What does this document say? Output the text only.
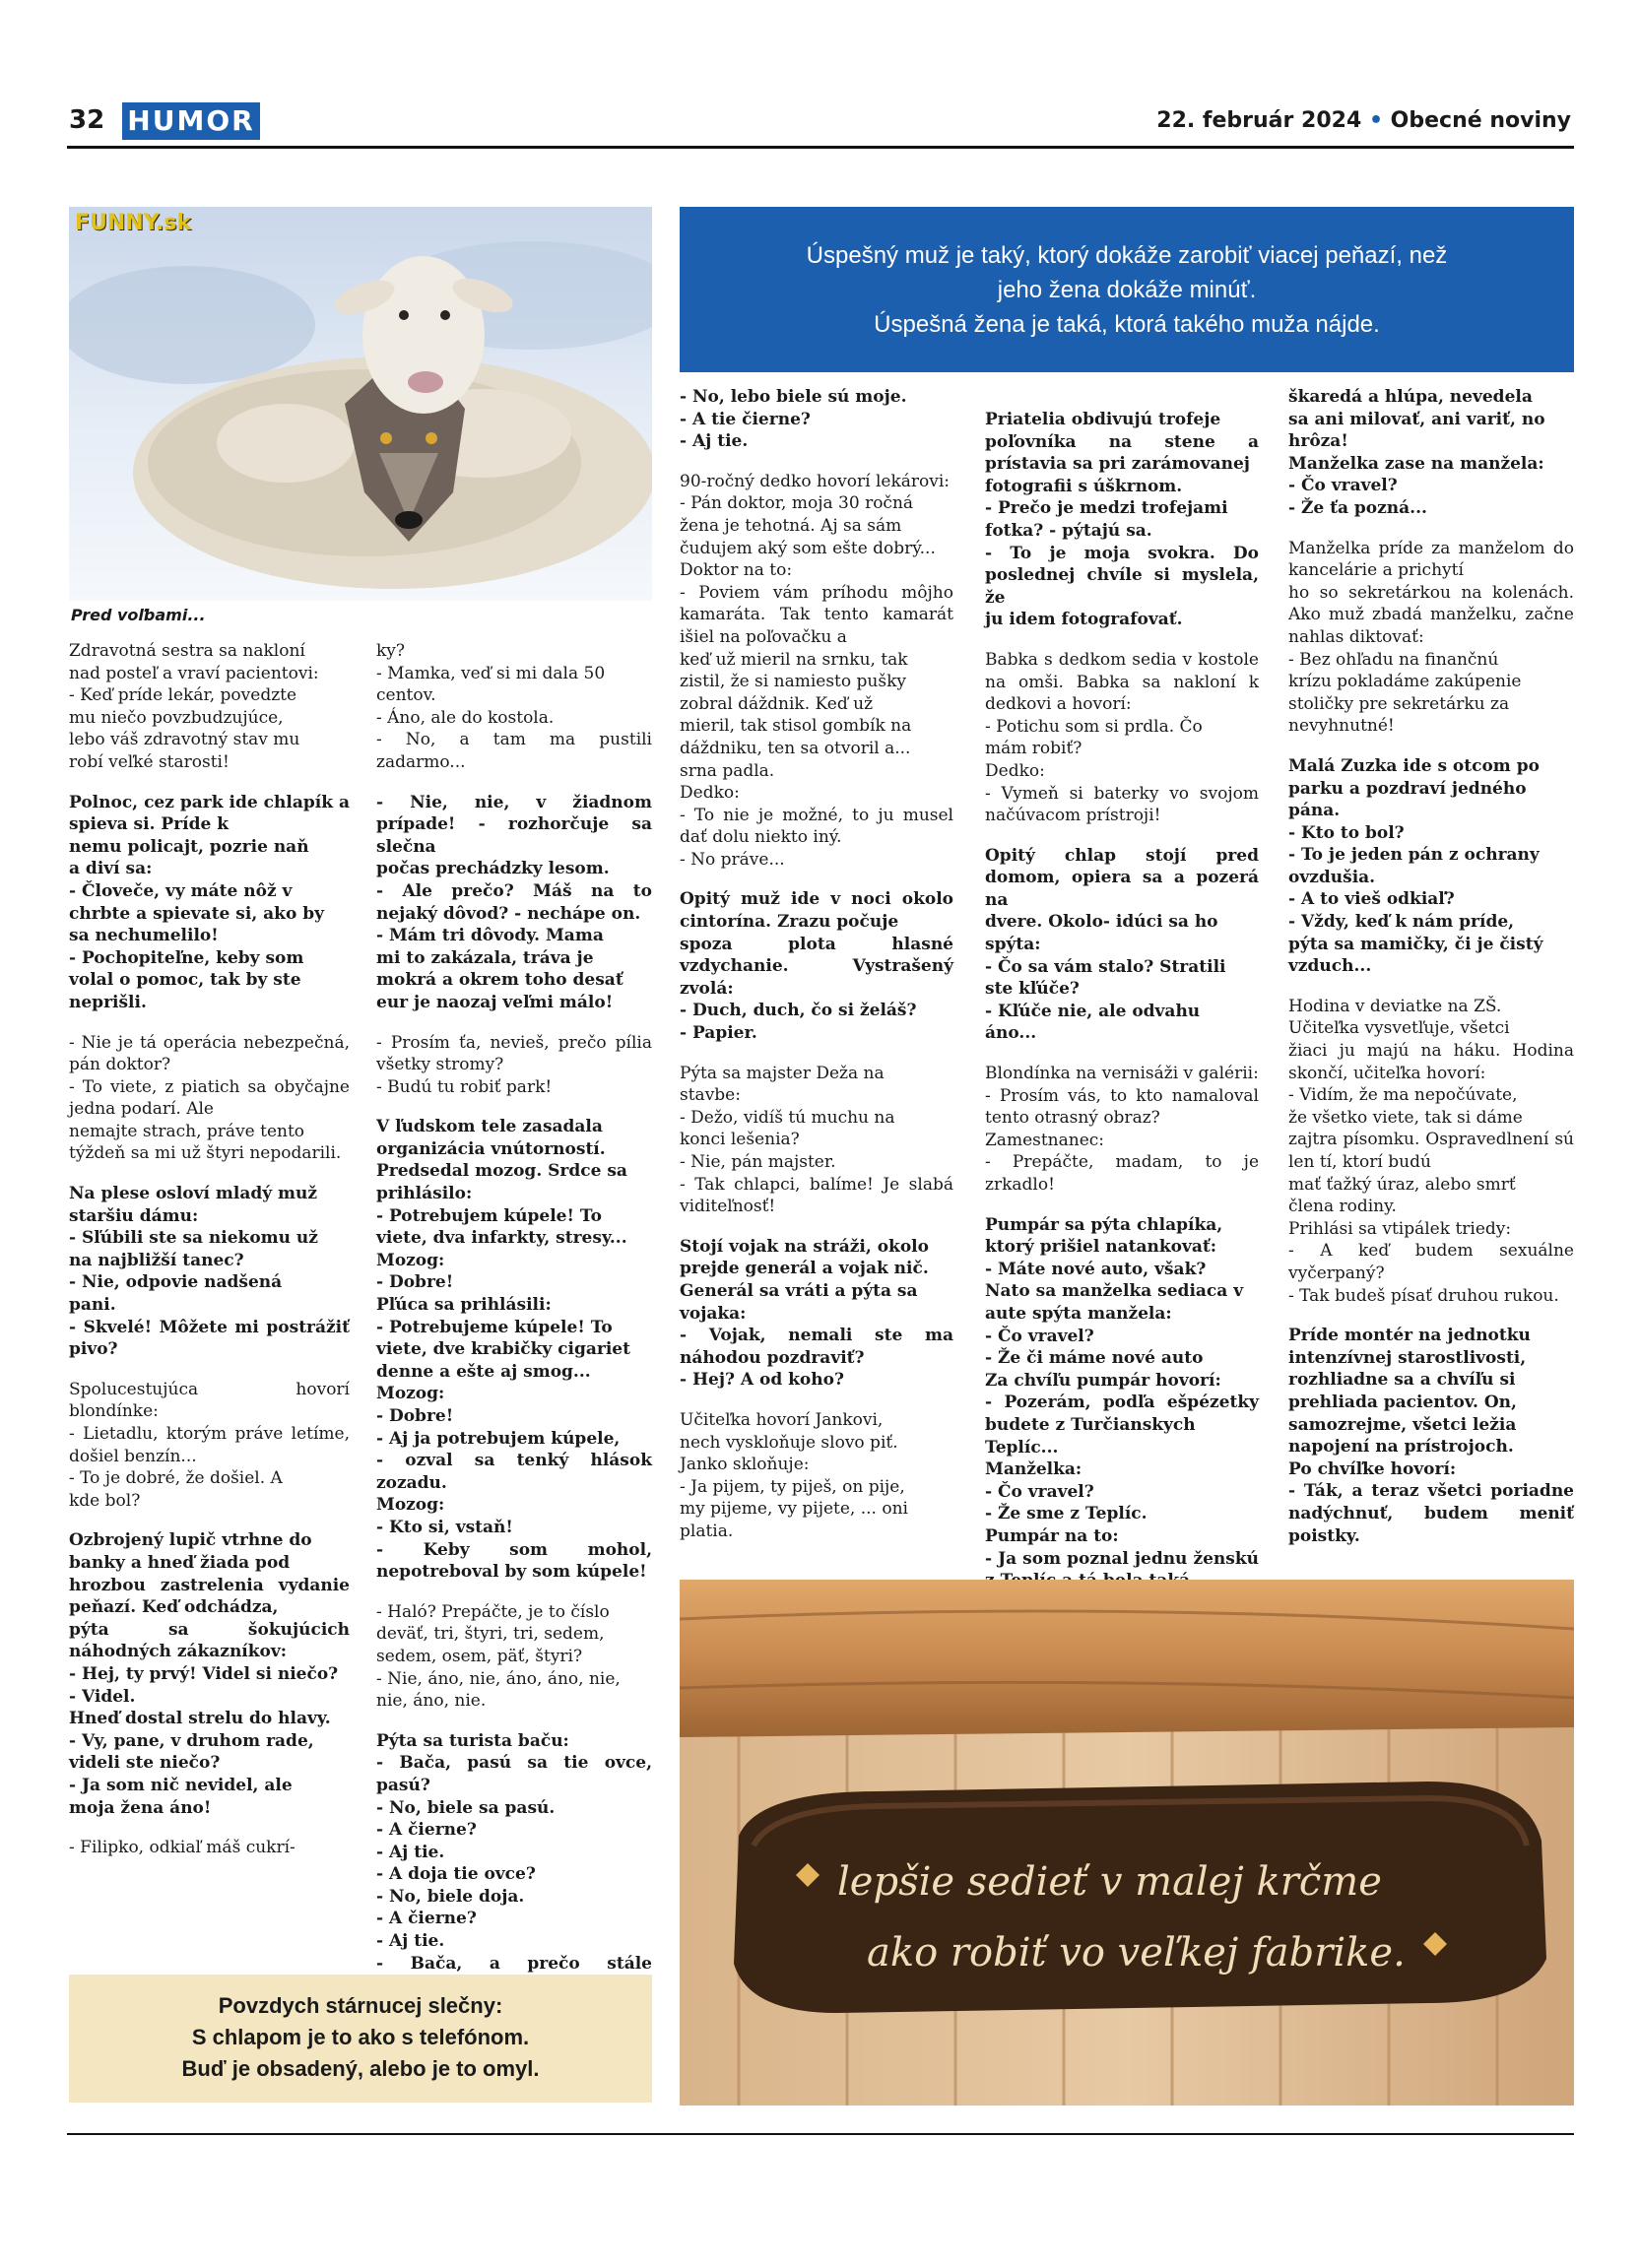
32 HUMOR	22. február 2024 • Obecné noviny
FUNNY.sk
Pred voľbami...
Úspešný muž je taký, ktorý dokáže zarobiť viacej peňazí, než
jeho žena dokáže minúť.
Úspešná žena je taká, ktorá takého muža nájde.
Zdravotná sestra sa nakloní
nad posteľ a vraví pacientovi:
- Keď príde lekár, povedzte
mu niečo povzbudzujúce,
lebo váš zdravotný stav mu
robí veľké starosti!
Polnoc, cez park ide chlapík a spieva si. Príde k
nemu policajt, pozrie naň
a diví sa:
- Človeče, vy máte nôž v
chrbte a spievate si, ako by
sa nechumelilo!
- Pochopiteľne, keby som
volal o pomoc, tak by ste
neprišli.
- Nie je tá operácia nebezpečná, pán doktor?
- To viete, z piatich sa obyčajne jedna podarí. Ale
nemajte strach, práve tento
týždeň sa mi už štyri nepodarili.
Na plese osloví mladý muž
staršiu dámu:
- Sľúbili ste sa niekomu už
na najbližší tanec?
- Nie, odpovie nadšená
pani.
- Skvelé! Môžete mi postrážiť pivo?
Spolucestujúca hovorí blondínke:
- Lietadlu, ktorým práve letíme, došiel benzín...
- To je dobré, že došiel. A
kde bol?
Ozbrojený lupič vtrhne do
banky a hneď žiada pod
hrozbou zastrelenia vydanie peňazí. Keď odchádza,
pýta sa šokujúcich náhodných zákazníkov:
- Hej, ty prvý! Videl si niečo?
- Videl.
Hneď dostal strelu do hlavy.
- Vy, pane, v druhom rade,
videli ste niečo?
- Ja som nič nevidel, ale
moja žena áno!
- Filipko, odkiaľ máš cukrí-
ky?
- Mamka, veď si mi dala 50
centov.
- Áno, ale do kostola.
- No, a tam ma pustili zadarmo...
- Nie, nie, v žiadnom prípade! - rozhorčuje sa slečna
počas prechádzky lesom.
- Ale prečo? Máš na to nejaký dôvod? - nechápe on.
- Mám tri dôvody. Mama
mi to zakázala, tráva je
mokrá a okrem toho desať
eur je naozaj veľmi málo!
- Prosím ťa, nevieš, prečo pília všetky stromy?
- Budú tu robiť park!
V ľudskom tele zasadala
organizácia vnútorností.
Predsedal mozog. Srdce sa
prihlásilo:
- Potrebujem kúpele! To
viete, dva infarkty, stresy...
Mozog:
- Dobre!
Pľúca sa prihlásili:
- Potrebujeme kúpele! To
viete, dve krabičky cigariet
denne a ešte aj smog...
Mozog:
- Dobre!
- Aj ja potrebujem kúpele,
- ozval sa tenký hlások zozadu.
Mozog:
- Kto si, vstaň!
- Keby som mohol, nepotreboval by som kúpele!
- Haló? Prepáčte, je to číslo
deväť, tri, štyri, tri, sedem,
sedem, osem, päť, štyri?
- Nie, áno, nie, áno, áno, nie,
nie, áno, nie.
Pýta sa turista baču:
- Bača, pasú sa tie ovce, pasú?
- No, biele sa pasú.
- A čierne?
- Aj tie.
- A doja tie ovce?
- No, biele doja.
- A čierne?
- Aj tie.
- Bača, a prečo stále
- No, lebo biele sú moje.
- A tie čierne?
- Aj tie.
90-ročný dedko hovorí lekárovi:
- Pán doktor, moja 30 ročná
žena je tehotná. Aj sa sám
čudujem aký som ešte dobrý...
Doktor na to:
- Poviem vám príhodu môjho kamaráta. Tak tento kamarát išiel na poľovačku a
keď už mieril na srnku, tak
zistil, že si namiesto pušky
zobral dáždnik. Keď už
mieril, tak stisol gombík na
dáždniku, ten sa otvoril a...
srna padla.
Dedko:
- To nie je možné, to ju musel dať dolu niekto iný.
- No práve...
Opitý muž ide v noci okolo cintorína. Zrazu počuje
spoza plota hlasné vzdychanie. Vystrašený zvolá:
- Duch, duch, čo si želáš?
- Papier.
Pýta sa majster Deža na
stavbe:
- Dežo, vidíš tú muchu na
konci lešenia?
- Nie, pán majster.
- Tak chlapci, balíme! Je slabá viditeľnosť!
Stojí vojak na stráži, okolo
prejde generál a vojak nič.
Generál sa vráti a pýta sa
vojaka:
- Vojak, nemali ste ma náhodou pozdraviť?
- Hej? A od koho?
Učiteľka hovorí Jankovi,
nech vyskloňuje slovo piť.
Janko skloňuje:
- Ja pijem, ty piješ, on pije,
my pijeme, vy pijete, ... oni
platia.
Priatelia obdivujú trofeje
poľovníka na stene a prístavia sa pri zarámovanej
fotografii s úškrnom.
- Prečo je medzi trofejami
fotka? - pýtajú sa.
- To je moja svokra. Do poslednej chvíle si myslela, že
ju idem fotografovať.
Babka s dedkom sedia v kostole na omši. Babka sa nakloní k dedkovi a hovorí:
- Potichu som si prdla. Čo
mám robiť?
Dedko:
- Vymeň si baterky vo svojom načúvacom prístroji!
Opitý chlap stojí pred domom, opiera sa a pozerá na
dvere. Okolo- idúci sa ho
spýta:
- Čo sa vám stalo? Stratili
ste kľúče?
- Kľúče nie, ale odvahu
áno...
Blondínka na vernisáži v galérii:
- Prosím vás, to kto namaloval tento otrasný obraz?
Zamestnanec:
- Prepáčte, madam, to je zrkadlo!
Pumpár sa pýta chlapíka,
ktorý prišiel natankovať:
- Máte nové auto, však?
Nato sa manželka sediaca v
aute spýta manžela:
- Čo vravel?
- Že či máme nové auto
Za chvíľu pumpár hovorí:
- Pozerám, podľa ešpézetky budete z Turčianskych
Teplíc...
Manželka:
- Čo vravel?
- Že sme z Teplíc.
Pumpár na to:
- Ja som poznal jednu ženskú
škaredá a hlúpa, nevedela
sa ani milovať, ani variť, no
hrôza!
Manželka zase na manžela:
- Čo vravel?
- Že ťa pozná...
Manželka príde za manželom do kancelárie a prichytí
ho so sekretárkou na kolenách. Ako muž zbadá manželku, začne nahlas diktovať:
- Bez ohľadu na finančnú
krízu pokladáme zakúpenie
stoličky pre sekretárku za
nevyhnutné!
Malá Zuzka ide s otcom po
parku a pozdraví jedného
pána.
- Kto to bol?
- To je jeden pán z ochrany
ovzdušia.
- A to vieš odkiaľ?
- Vždy, keď k nám príde,
pýta sa mamičky, či je čistý
vzduch...
Hodina v deviatke na ZŠ.
Učiteľka vysvetľuje, všetci
žiaci ju majú na háku. Hodina skončí, učiteľka hovorí:
- Vidím, že ma nepočúvate,
že všetko viete, tak si dáme
zajtra písomku. Ospravedlnení sú len tí, ktorí budú
mať ťažký úraz, alebo smrť
člena rodiny.
Prihlási sa vtipálek triedy:
- A keď budem sexuálne vyčerpaný?
- Tak budeš písať druhou rukou.
Príde montér na jednotku
intenzívnej starostlivosti,
rozhliadne sa a chvíľu si
prehliada pacientov. On,
samozrejme, všetci ležia
napojení na prístrojoch.
Po chvíľke hovorí:
- Ták, a teraz všetci poriadne nadýchnuť, budem meniť poistky.
Povzdych stárnucej slečny:
S chlapom je to ako s telefónom.
Buď je obsadený, alebo je to omyl.
lepšie sedieť v malej krčme
ako robiť vo veľkej fabrike.
